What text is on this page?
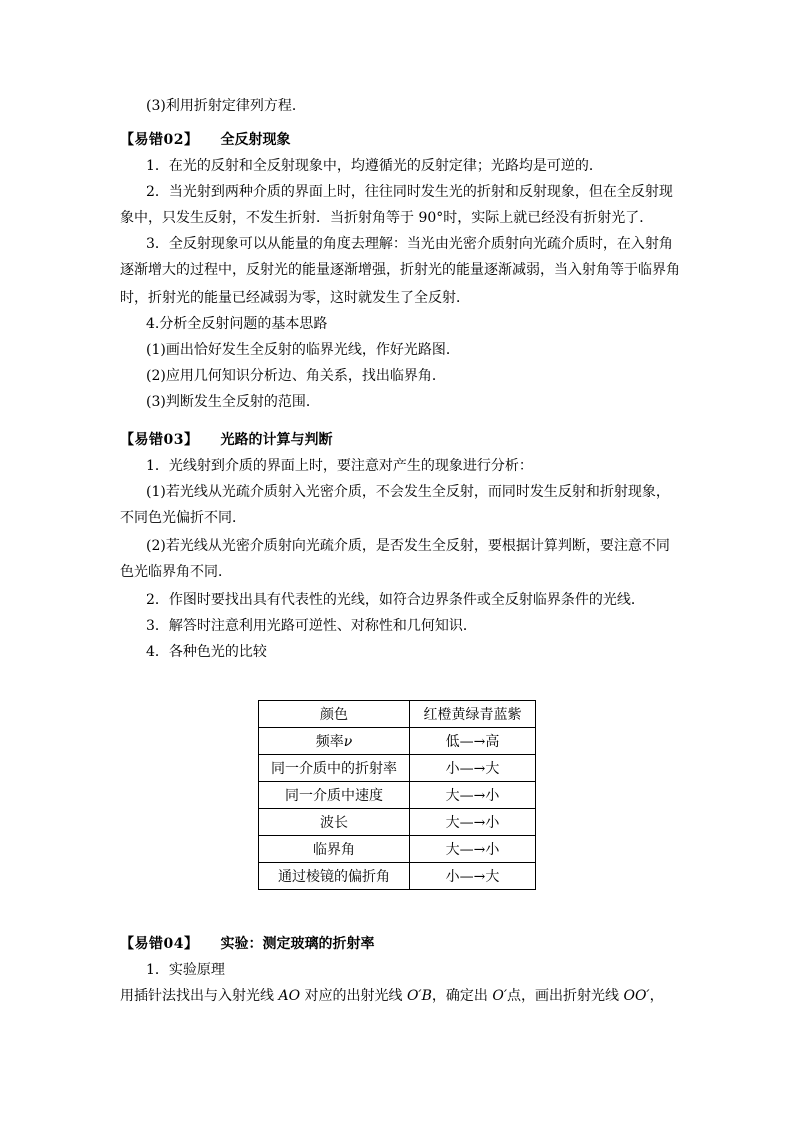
(3)利用折射定律列方程．
【易错02】 全反射现象
1．在光的反射和全反射现象中，均遵循光的反射定律；光路均是可逆的．
2．当光射到两种介质的界面上时，往往同时发生光的折射和反射现象，但在全反射现
象中，只发生反射，不发生折射．当折射角等于 90°时，实际上就已经没有折射光了．
3．全反射现象可以从能量的角度去理解：当光由光密介质射向光疏介质时，在入射角
逐渐增大的过程中，反射光的能量逐渐增强，折射光的能量逐渐减弱，当入射角等于临界角
时，折射光的能量已经减弱为零，这时就发生了全反射．
4.分析全反射问题的基本思路
(1)画出恰好发生全反射的临界光线，作好光路图．
(2)应用几何知识分析边、角关系，找出临界角．
(3)判断发生全反射的范围．
【易错03】 光路的计算与判断
1．光线射到介质的界面上时，要注意对产生的现象进行分析：
(1)若光线从光疏介质射入光密介质，不会发生全反射，而同时发生反射和折射现象，
不同色光偏折不同．
(2)若光线从光密介质射向光疏介质，是否发生全反射，要根据计算判断，要注意不同
色光临界角不同．
2．作图时要找出具有代表性的光线，如符合边界条件或全反射临界条件的光线．
3．解答时注意利用光路可逆性、对称性和几何知识．
4．各种色光的比较
颜色	红橙黄绿青蓝紫
频率ν	低—→高
同一介质中的折射率	小—→大
同一介质中速度	大—→小
波长	大—→小
临界角	大—→小
通过棱镜的偏折角	小—→大
【易错04】 实验：测定玻璃的折射率
1．实验原理
用插针法找出与入射光线 AO 对应的出射光线 O′B，确定出 O′点，画出折射光线 OO′，
